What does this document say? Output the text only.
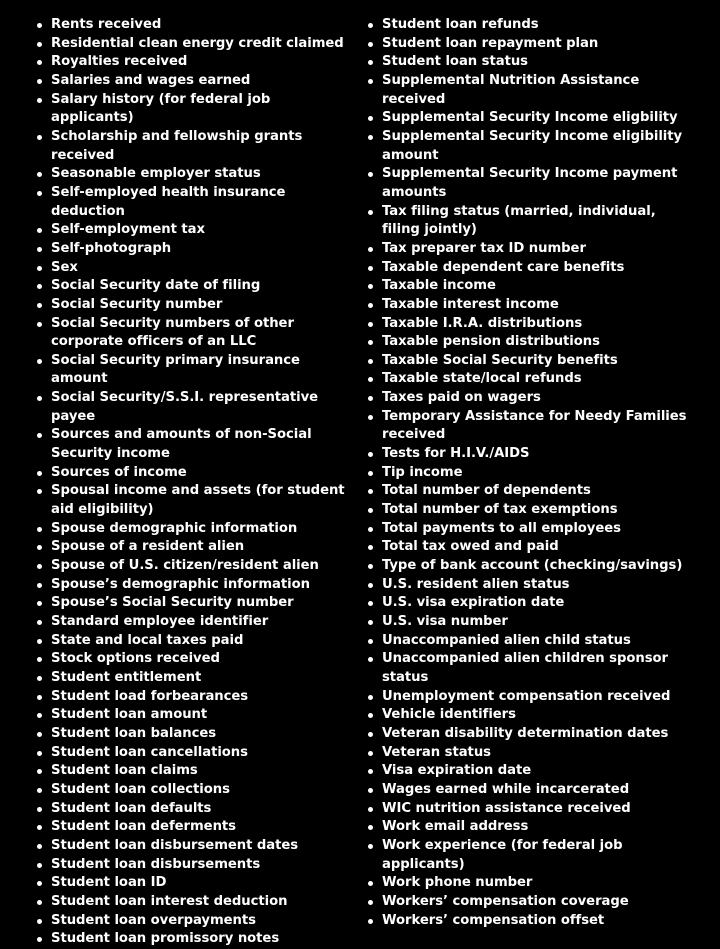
Rents received
Residential clean energy credit claimed
Royalties received
Salaries and wages earned
Salary history (for federal job applicants)
Scholarship and fellowship grants received
Seasonable employer status
Self-employed health insurance deduction
Self-employment tax
Self-photograph
Sex
Social Security date of filing
Social Security number
Social Security numbers of other corporate officers of an LLC
Social Security primary insurance amount
Social Security/S.S.I. representative payee
Sources and amounts of non-Social Security income
Sources of income
Spousal income and assets (for student aid eligibility)
Spouse demographic information
Spouse of a resident alien
Spouse of U.S. citizen/resident alien
Spouse’s demographic information
Spouse’s Social Security number
Standard employee identifier
State and local taxes paid
Stock options received
Student entitlement
Student load forbearances
Student loan amount
Student loan balances
Student loan cancellations
Student loan claims
Student loan collections
Student loan defaults
Student loan deferments
Student loan disbursement dates
Student loan disbursements
Student loan ID
Student loan interest deduction
Student loan overpayments
Student loan promissory notes
Student loan refunds
Student loan repayment plan
Student loan status
Supplemental Nutrition Assistance received
Supplemental Security Income eligbility
Supplemental Security Income eligibility amount
Supplemental Security Income payment amounts
Tax filing status (married, individual, filing jointly)
Tax preparer tax ID number
Taxable dependent care benefits
Taxable income
Taxable interest income
Taxable I.R.A. distributions
Taxable pension distributions
Taxable Social Security benefits
Taxable state/local refunds
Taxes paid on wagers
Temporary Assistance for Needy Families received
Tests for H.I.V./AIDS
Tip income
Total number of dependents
Total number of tax exemptions
Total payments to all employees
Total tax owed and paid
Type of bank account (checking/savings)
U.S. resident alien status
U.S. visa expiration date
U.S. visa number
Unaccompanied alien child status
Unaccompanied alien children sponsor status
Unemployment compensation received
Vehicle identifiers
Veteran disability determination dates
Veteran status
Visa expiration date
Wages earned while incarcerated
WIC nutrition assistance received
Work email address
Work experience (for federal job applicants)
Work phone number
Workers’ compensation coverage
Workers’ compensation offset
